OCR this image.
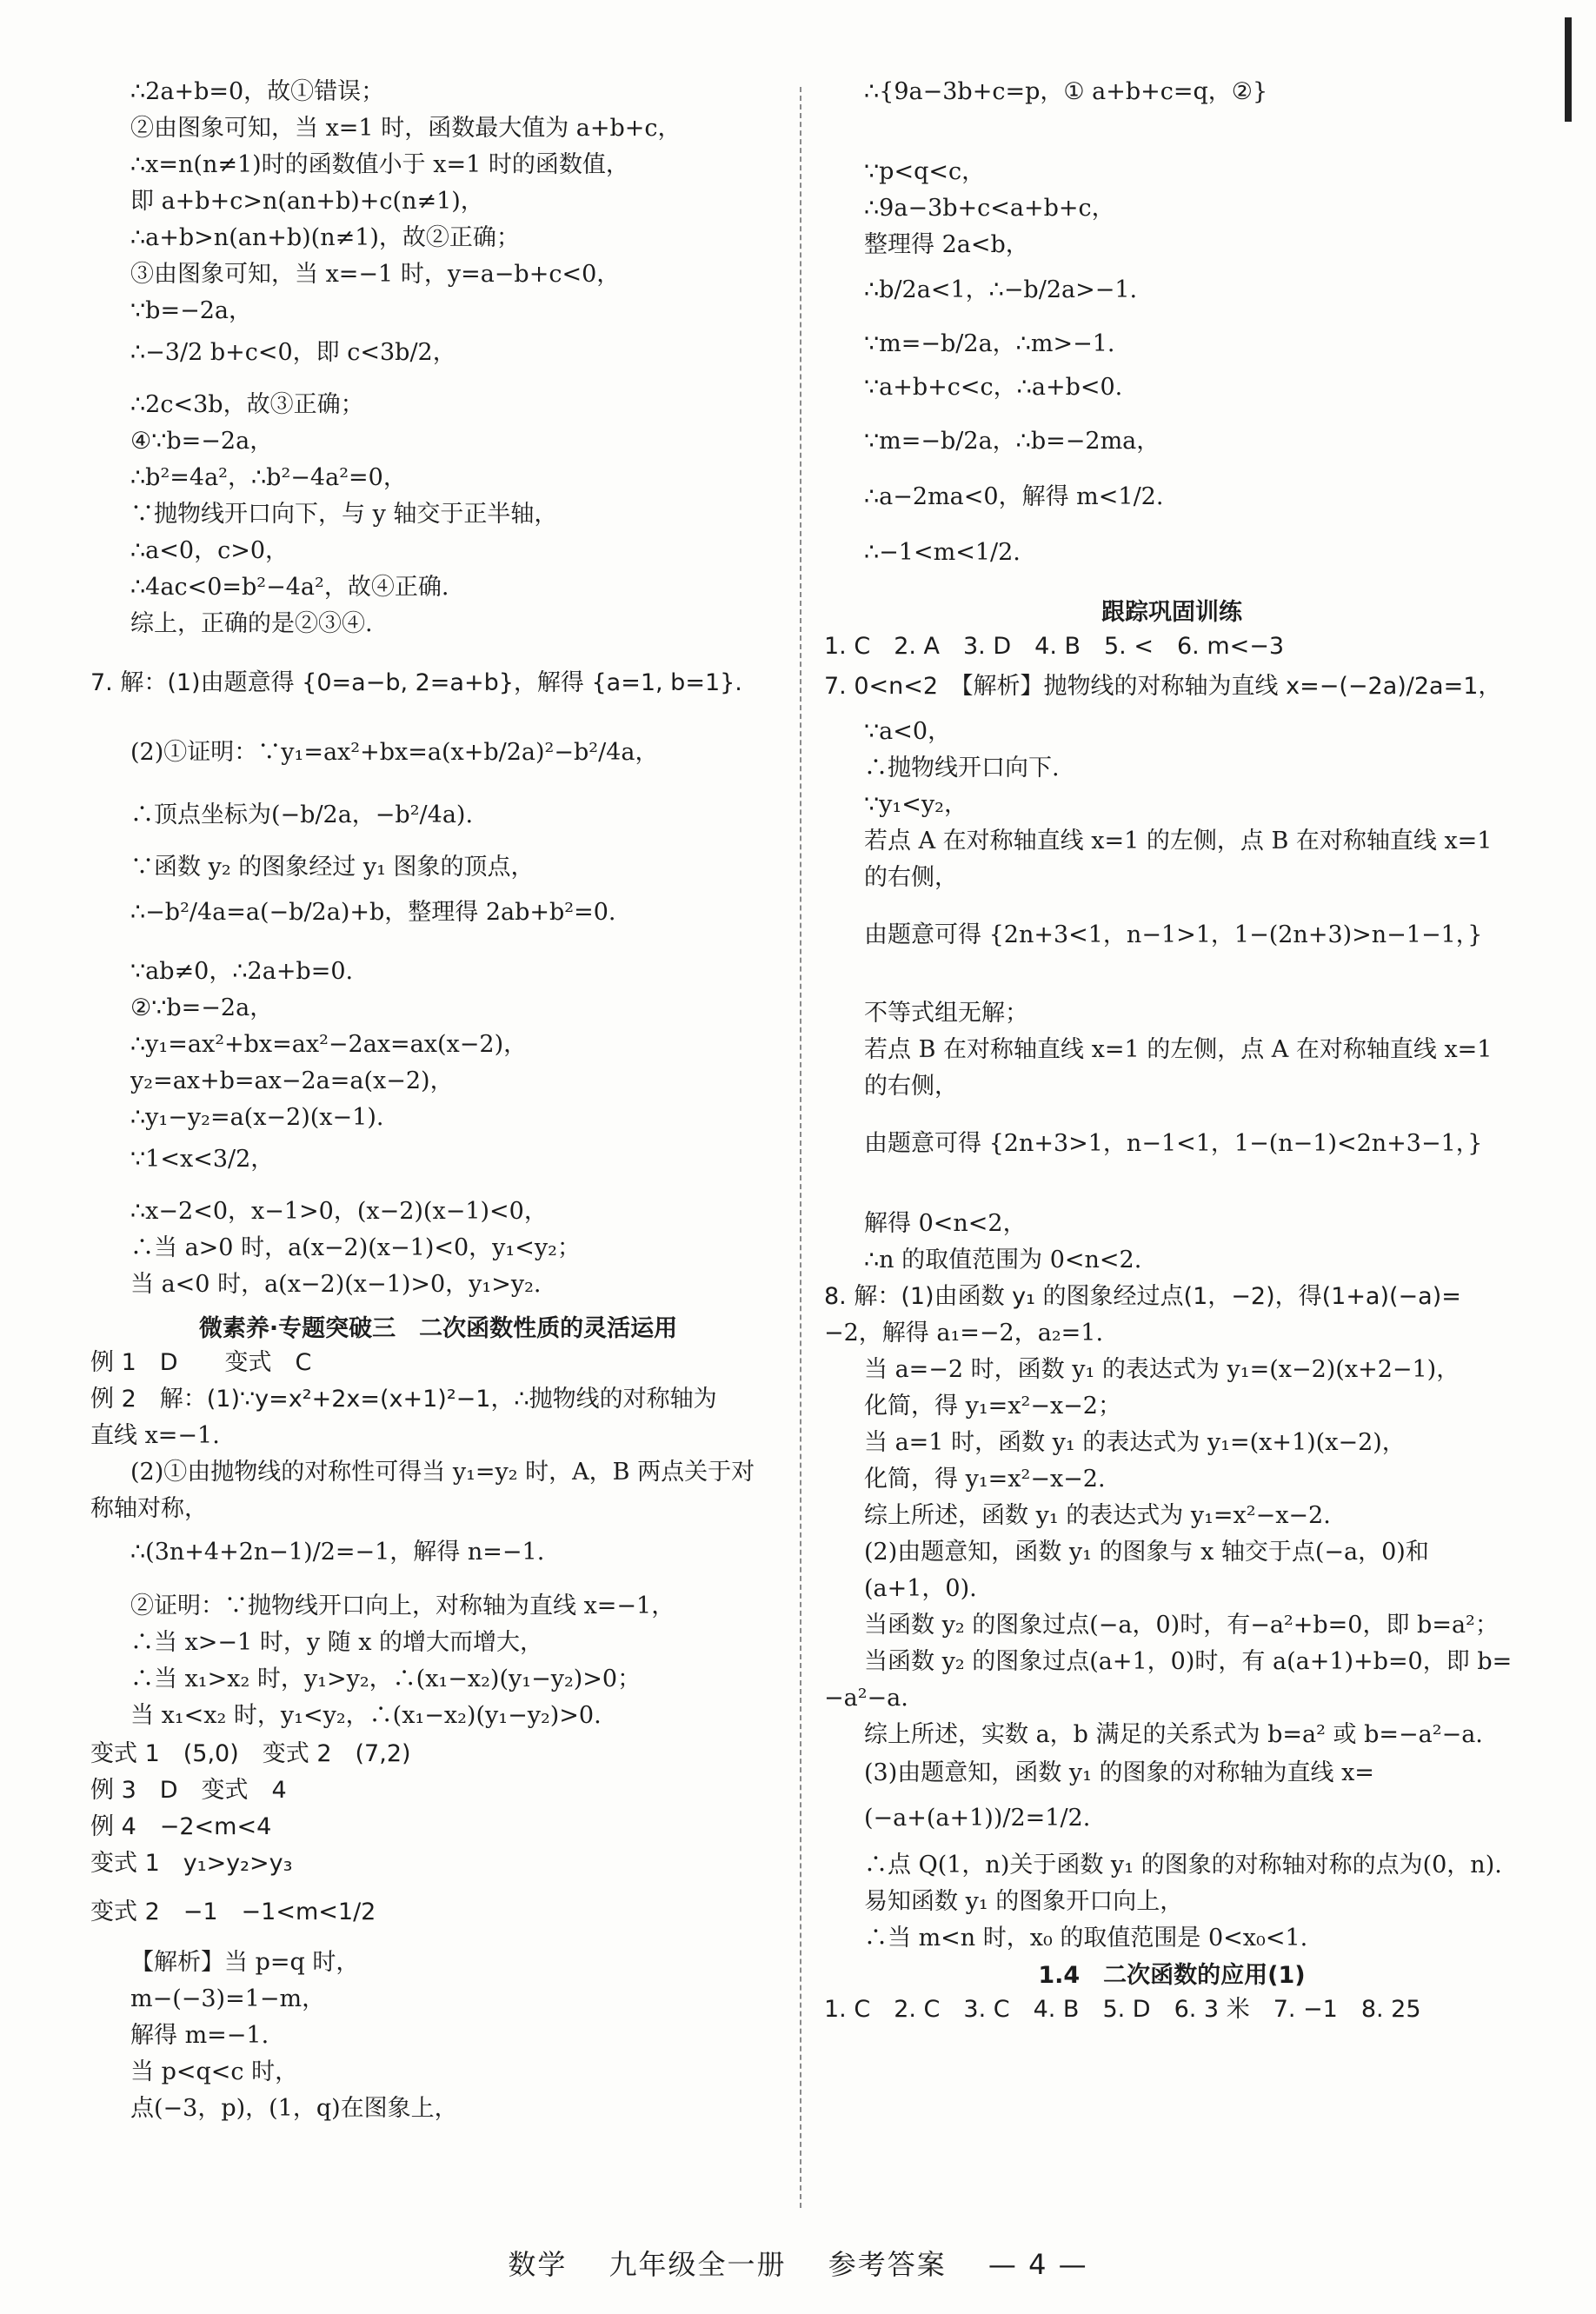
∴2a+b=0，故①错误；
②由图象可知，当 x=1 时，函数最大值为 a+b+c，
∴x=n(n≠1)时的函数值小于 x=1 时的函数值，
即 a+b+c>n(an+b)+c(n≠1)，
∴a+b>n(an+b)(n≠1)，故②正确；
③由图象可知，当 x=−1 时，y=a−b+c<0，
∵b=−2a，
∴−3/2 b+c<0，即 c<3b/2，
∴2c<3b，故③正确；
④∵b=−2a，
∴b²=4a²，∴b²−4a²=0，
∵抛物线开口向下，与 y 轴交于正半轴，
∴a<0，c>0，
∴4ac<0=b²−4a²，故④正确.
综上，正确的是②③④.
7. 解：(1)由题意得 {0=a−b, 2=a+b}，解得 {a=1, b=1}.
(2)①证明：∵y₁=ax²+bx=a(x+b/2a)²−b²/4a，
∴顶点坐标为(−b/2a，−b²/4a).
∵函数 y₂ 的图象经过 y₁ 图象的顶点，
∴−b²/4a=a(−b/2a)+b，整理得 2ab+b²=0.
∵ab≠0，∴2a+b=0.
②∵b=−2a，
∴y₁=ax²+bx=ax²−2ax=ax(x−2)，
y₂=ax+b=ax−2a=a(x−2)，
∴y₁−y₂=a(x−2)(x−1).
∵1<x<3/2，
∴x−2<0，x−1>0，(x−2)(x−1)<0，
∴当 a>0 时，a(x−2)(x−1)<0，y₁<y₂；
当 a<0 时，a(x−2)(x−1)>0，y₁>y₂.
微素养·专题突破三　二次函数性质的灵活运用
例 1　D　　变式　C
例 2　解：(1)∵y=x²+2x=(x+1)²−1，∴抛物线的对称轴为
直线 x=−1.
(2)①由抛物线的对称性可得当 y₁=y₂ 时，A，B 两点关于对
称轴对称，
∴(3n+4+2n−1)/2=−1，解得 n=−1.
②证明：∵抛物线开口向上，对称轴为直线 x=−1，
∴当 x>−1 时，y 随 x 的增大而增大，
∴当 x₁>x₂ 时，y₁>y₂，∴(x₁−x₂)(y₁−y₂)>0；
当 x₁<x₂ 时，y₁<y₂，∴(x₁−x₂)(y₁−y₂)>0.
变式 1　(5,0)　变式 2　(7,2)
例 3　D　变式　4
例 4　−2<m<4
变式 1　y₁>y₂>y₃
变式 2　−1　−1<m<1/2
【解析】当 p=q 时，
m−(−3)=1−m，
解得 m=−1.
当 p<q<c 时，
点(−3，p)，(1，q)在图象上，
∴{9a−3b+c=p，① a+b+c=q，②}
∵p<q<c，
∴9a−3b+c<a+b+c，
整理得 2a<b，
∴b/2a<1，∴−b/2a>−1.
∵m=−b/2a，∴m>−1.
∵a+b+c<c，∴a+b<0.
∵m=−b/2a，∴b=−2ma，
∴a−2ma<0，解得 m<1/2.
∴−1<m<1/2.
跟踪巩固训练
1. C　2. A　3. D　4. B　5. <　6. m<−3
7. 0<n<2　【解析】抛物线的对称轴为直线 x=−(−2a)/2a=1，
∵a<0，
∴抛物线开口向下.
∵y₁<y₂，
若点 A 在对称轴直线 x=1 的左侧，点 B 在对称轴直线 x=1
的右侧，
由题意可得 {2n+3<1，n−1>1，1−(2n+3)>n−1−1，}
不等式组无解；
若点 B 在对称轴直线 x=1 的左侧，点 A 在对称轴直线 x=1
的右侧，
由题意可得 {2n+3>1，n−1<1，1−(n−1)<2n+3−1，}
解得 0<n<2，
∴n 的取值范围为 0<n<2.
8. 解：(1)由函数 y₁ 的图象经过点(1，−2)，得(1+a)(−a)=
−2，解得 a₁=−2，a₂=1.
当 a=−2 时，函数 y₁ 的表达式为 y₁=(x−2)(x+2−1)，
化简，得 y₁=x²−x−2；
当 a=1 时，函数 y₁ 的表达式为 y₁=(x+1)(x−2)，
化简，得 y₁=x²−x−2.
综上所述，函数 y₁ 的表达式为 y₁=x²−x−2.
(2)由题意知，函数 y₁ 的图象与 x 轴交于点(−a，0)和
(a+1，0).
当函数 y₂ 的图象过点(−a，0)时，有−a²+b=0，即 b=a²；
当函数 y₂ 的图象过点(a+1，0)时，有 a(a+1)+b=0，即 b=
−a²−a.
综上所述，实数 a，b 满足的关系式为 b=a² 或 b=−a²−a.
(3)由题意知，函数 y₁ 的图象的对称轴为直线 x=
(−a+(a+1))/2=1/2.
∴点 Q(1，n)关于函数 y₁ 的图象的对称轴对称的点为(0，n).
易知函数 y₁ 的图象开口向上，
∴当 m<n 时，x₀ 的取值范围是 0<x₀<1.
1.4　二次函数的应用(1)
1. C　2. C　3. C　4. B　5. D　6. 3 米　7. −1　8. 25
数学 九年级全一册 参考答案 — 4 —
